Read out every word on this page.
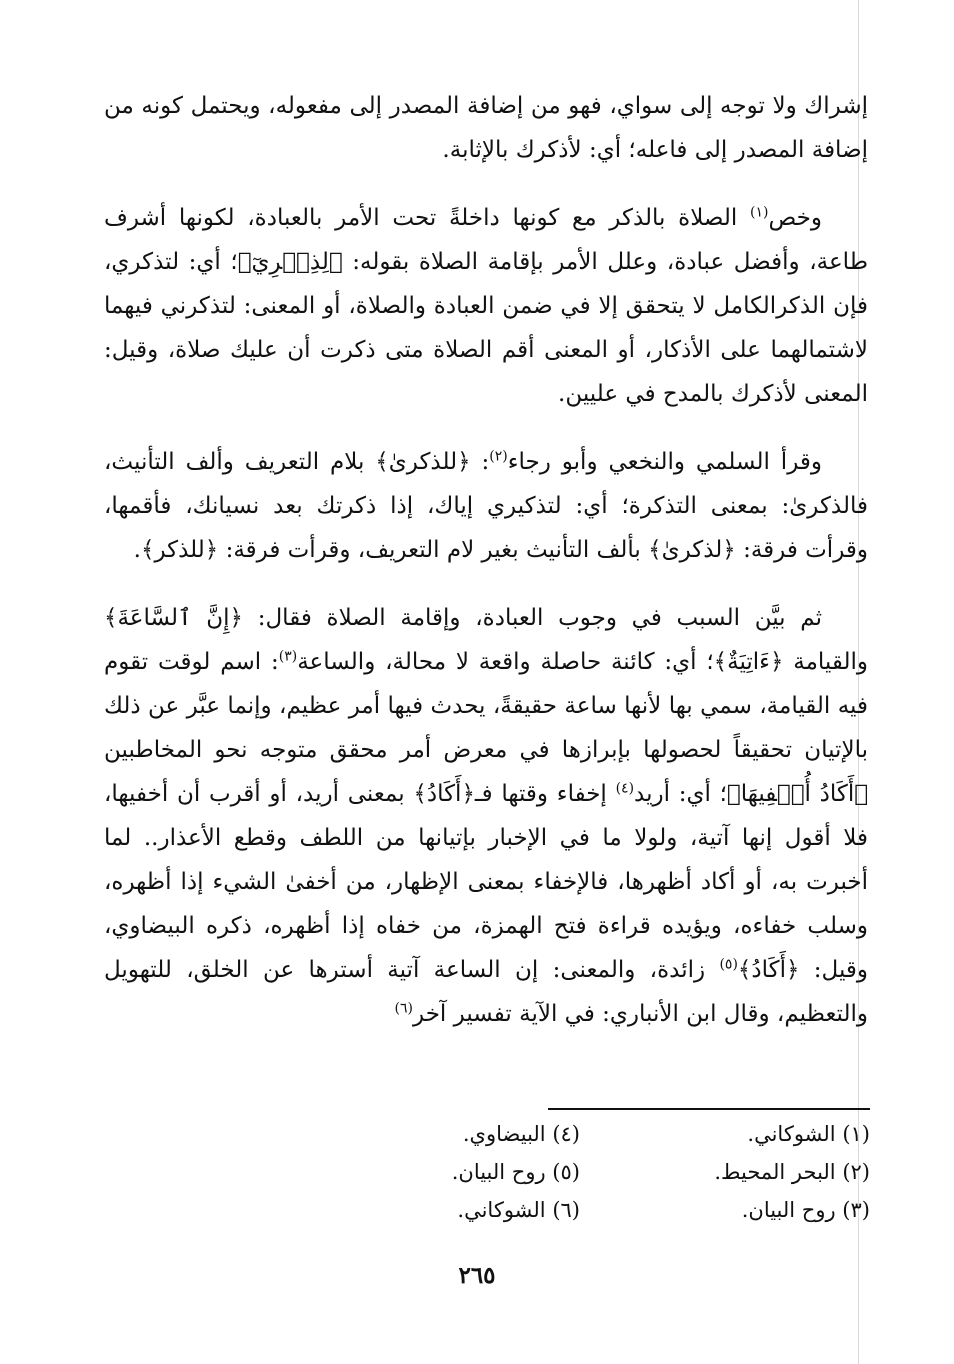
إشراك ولا توجه إلى سواي، فهو من إضافة المصدر إلى مفعوله، ويحتمل كونه من إضافة المصدر إلى فاعله؛ أي: لأذكرك بالإثابة.

وخص$^{(١)}$ الصلاة بالذكر مع كونها داخلةً تحت الأمر بالعبادة، لكونها أشرف طاعة، وأفضل عبادة، وعلل الأمر بإقامة الصلاة بقوله: ﴿لِذِكۡرِيٓ﴾؛ أي: لتذكري، فإن الذكرالكامل لا يتحقق إلا في ضمن العبادة والصلاة، أو المعنى: لتذكرني فيهما لاشتمالهما على الأذكار، أو المعنى أقم الصلاة متى ذكرت أن عليك صلاة، وقيل: المعنى لأذكرك بالمدح في عليين.

وقرأ السلمي والنخعي وأبو رجاء$^{(٢)}$: ﴿للذكرىٰ﴾ بلام التعريف وألف التأنيث، فالذكرىٰ: بمعنى التذكرة؛ أي: لتذكيري إياك، إذا ذكرتك بعد نسيانك، فأقمها، وقرأت فرقة: ﴿لذكرىٰ﴾ بألف التأنيث بغير لام التعريف، وقرأت فرقة: ﴿للذكر﴾.

ثم بيَّن السبب في وجوب العبادة، وإقامة الصلاة فقال: ﴿إِنَّ ٱلسَّاعَةَ﴾ والقيامة ﴿ءَاتِيَةٌ﴾؛ أي: كائنة حاصلة واقعة لا محالة، والساعة$^{(٣)}$: اسم لوقت تقوم فيه القيامة، سمي بها لأنها ساعة حقيقةً، يحدث فيها أمر عظيم، وإنما عبَّر عن ذلك بالإتيان تحقيقاً لحصولها بإبرازها في معرض أمر محقق متوجه نحو المخاطبين ﴿أَكَادُ أُخۡفِيهَا﴾؛ أي: أريد$^{(٤)}$ إخفاء وقتها فـ﴿أَكَادُ﴾ بمعنى أريد، أو أقرب أن أخفيها، فلا أقول إنها آتية، ولولا ما في الإخبار بإتيانها من اللطف وقطع الأعذار.. لما أخبرت به، أو أكاد أظهرها، فالإخفاء بمعنى الإظهار، من أخفىٰ الشيء إذا أظهره، وسلب خفاءه، ويؤيده قراءة فتح الهمزة، من خفاه إذا أظهره، ذكره البيضاوي، وقيل: ﴿أَكَادُ﴾$^{(٥)}$ زائدة، والمعنى: إن الساعة آتية أسترها عن الخلق، للتهويل والتعظيم، وقال ابن الأنباري: في الآية تفسير آخر$^{(٦)}$

(١) الشوكاني.
(٤) البيضاوي.
(٢) البحر المحيط.
(٥) روح البيان.
(٣) روح البيان.
(٦) الشوكاني.
٢٦٥
